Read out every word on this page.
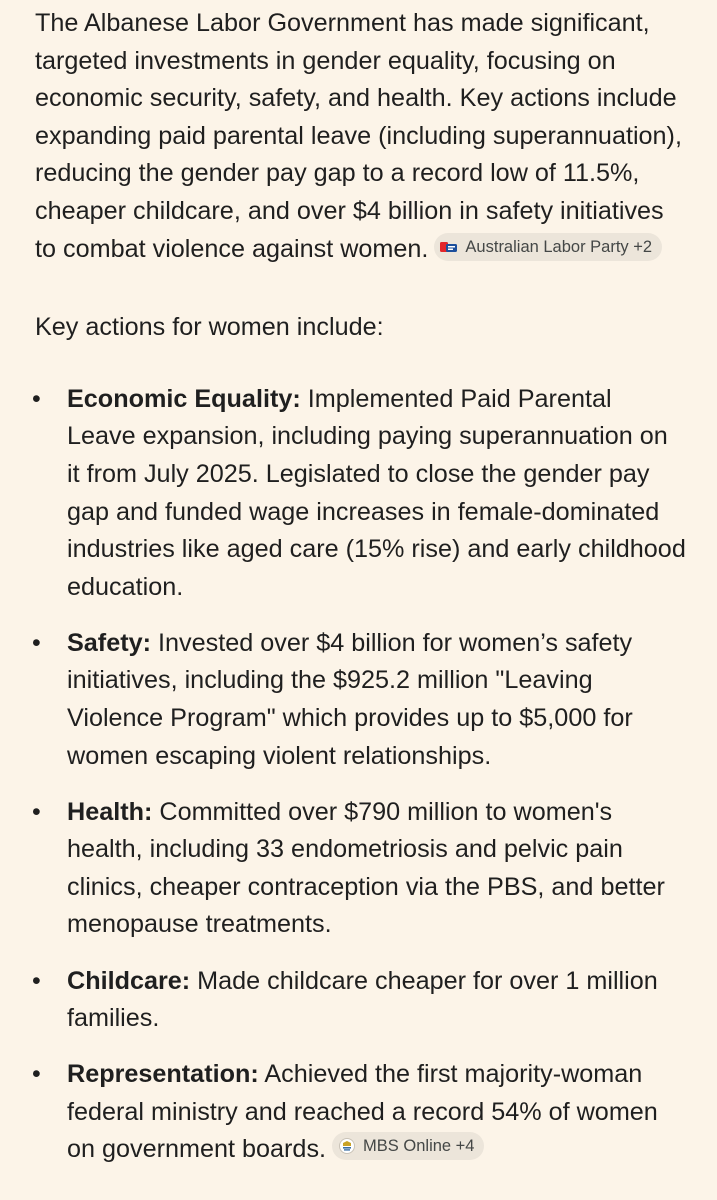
The Albanese Labor Government has made significant, targeted investments in gender equality, focusing on economic security, safety, and health. Key actions include expanding paid parental leave (including superannuation), reducing the gender pay gap to a record low of 11.5%, cheaper childcare, and over $4 billion in safety initiatives to combat violence against women. Australian Labor Party +2

Key actions for women include:

• Economic Equality: Implemented Paid Parental Leave expansion, including paying superannuation on it from July 2025. Legislated to close the gender pay gap and funded wage increases in female-dominated industries like aged care (15% rise) and early childhood education.
• Safety: Invested over $4 billion for women’s safety initiatives, including the $925.2 million "Leaving Violence Program" which provides up to $5,000 for women escaping violent relationships.
• Health: Committed over $790 million to women's health, including 33 endometriosis and pelvic pain clinics, cheaper contraception via the PBS, and better menopause treatments.
• Childcare: Made childcare cheaper for over 1 million families.
• Representation: Achieved the first majority-woman federal ministry and reached a record 54% of women on government boards. MBS Online +4
